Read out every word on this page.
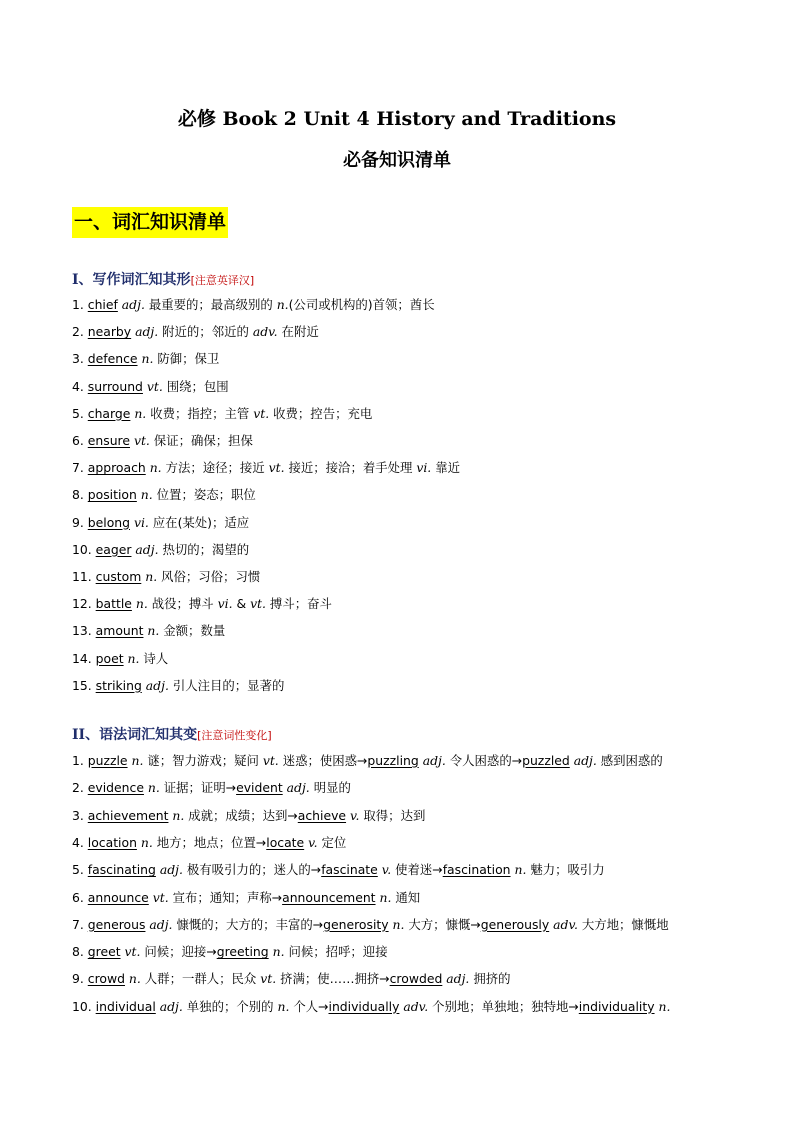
必修 Book 2 Unit 4 History and Traditions
必备知识清单
一、词汇知识清单
I、写作词汇知其形[注意英译汉]
1. chief adj. 最重要的；最高级别的 n.(公司或机构的)首领；酋长
2. nearby adj. 附近的；邻近的 adv. 在附近
3. defence n. 防御；保卫
4. surround vt. 围绕；包围
5. charge n. 收费；指控；主管 vt. 收费；控告；充电
6. ensure vt. 保证；确保；担保
7. approach n. 方法；途径；接近 vt. 接近；接洽；着手处理 vi. 靠近
8. position n. 位置；姿态；职位
9. belong vi. 应在(某处)；适应
10. eager adj. 热切的；渴望的
11. custom n. 风俗；习俗；习惯
12. battle n. 战役；搏斗 vi. & vt. 搏斗；奋斗
13. amount n. 金额；数量
14. poet n. 诗人
15. striking adj. 引人注目的；显著的
II、语法词汇知其变[注意词性变化]
1. puzzle n. 谜；智力游戏；疑问 vt. 迷惑；使困惑→puzzling adj. 令人困惑的→puzzled adj. 感到困惑的
2. evidence n. 证据；证明→evident adj. 明显的
3. achievement n. 成就；成绩；达到→achieve v. 取得；达到
4. location n. 地方；地点；位置→locate v. 定位
5. fascinating adj. 极有吸引力的；迷人的→fascinate v. 使着迷→fascination n. 魅力；吸引力
6. announce vt. 宣布；通知；声称→announcement n. 通知
7. generous adj. 慷慨的；大方的；丰富的→generosity n. 大方；慷慨→generously adv. 大方地；慷慨地
8. greet vt. 问候；迎接→greeting n. 问候；招呼；迎接
9. crowd n. 人群；一群人；民众 vt. 挤满；使……拥挤→crowded adj. 拥挤的
10. individual adj. 单独的；个别的 n. 个人→individually adv. 个别地；单独地；独特地→individuality n.
